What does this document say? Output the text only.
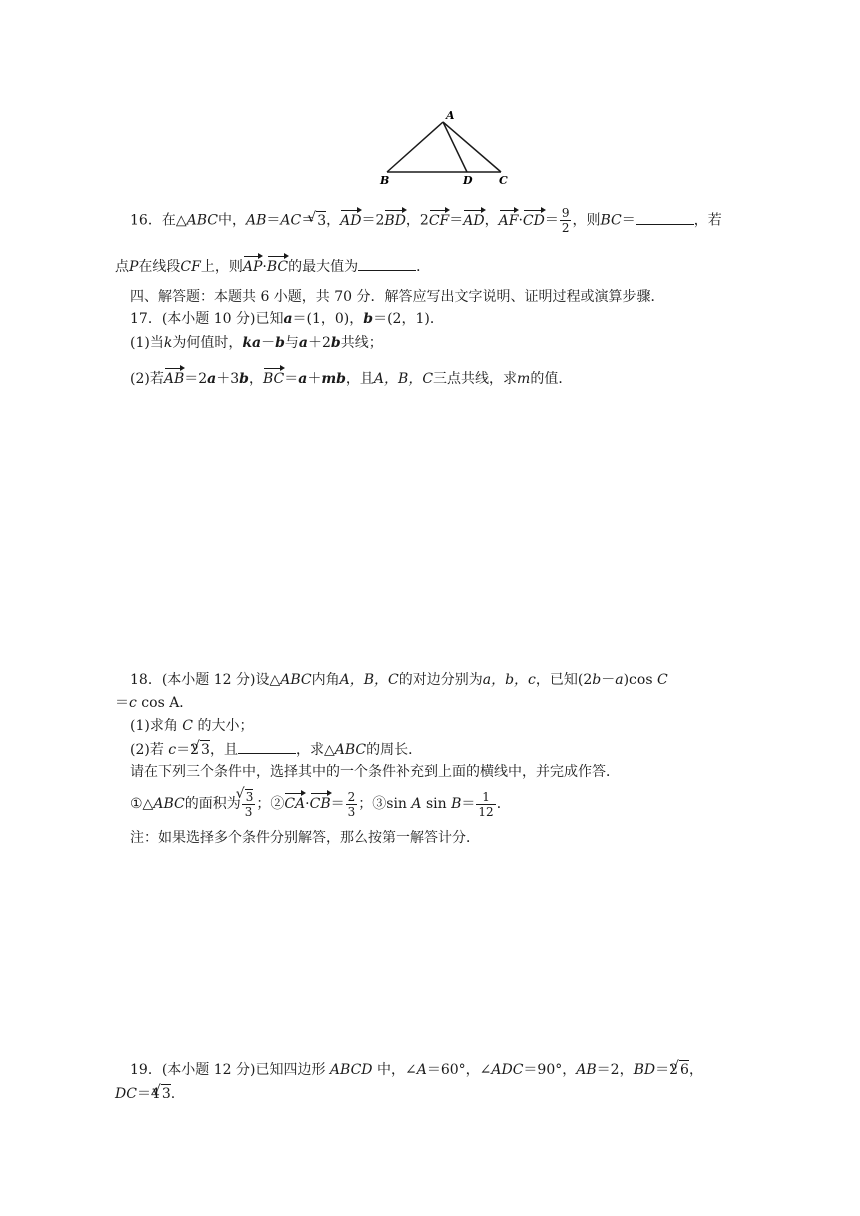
A
B	D C
16．在△ABC中，AB＝AC＝ √ 3，AD＝2BD，2CF＝AD，$AF\cdot CD= \frac{9}{2}$ ，则BC＝	，若
点P在线段CF上，则AP·BC的最大值为	．
四、解答题：本题共 6 小题，共 70 分．解答应写出文字说明、证明过程或演算步骤．
17．(本小题 10 分)已知a＝(1，0)，b＝(2，1)．
(1)当k为何值时，ka－b与a＋2b共线；
(2)若AB＝2a＋3b，BC＝a＋mb，且A，B，C三点共线，求m的值．
18．(本小题 12 分)设△ABC内角A，B，C的对边分别为a，b，c，已知(2b－a)cos C
＝c cos A．
(1)求角 C 的大小；
(2)若 c＝2 √ 3，且	，求△ABC的周长．
请在下列三个条件中，选择其中的一个条件补充到上面的横线中，并完成作答．
①△ABC的面积为 √ $\frac{3}{3}$ ；②CA·CB＝ $\frac{2}{3}$ ；③sin A $\sin B= \frac{1}{12}$ ．
注：如果选择多个条件分别解答，那么按第一解答计分．
19．(本小题 12 分)已知四边形 ABCD 中，∠A＝60°，∠ADC＝90°，AB＝2，BD＝2 √ 6，
DC＝4 √ 3.
